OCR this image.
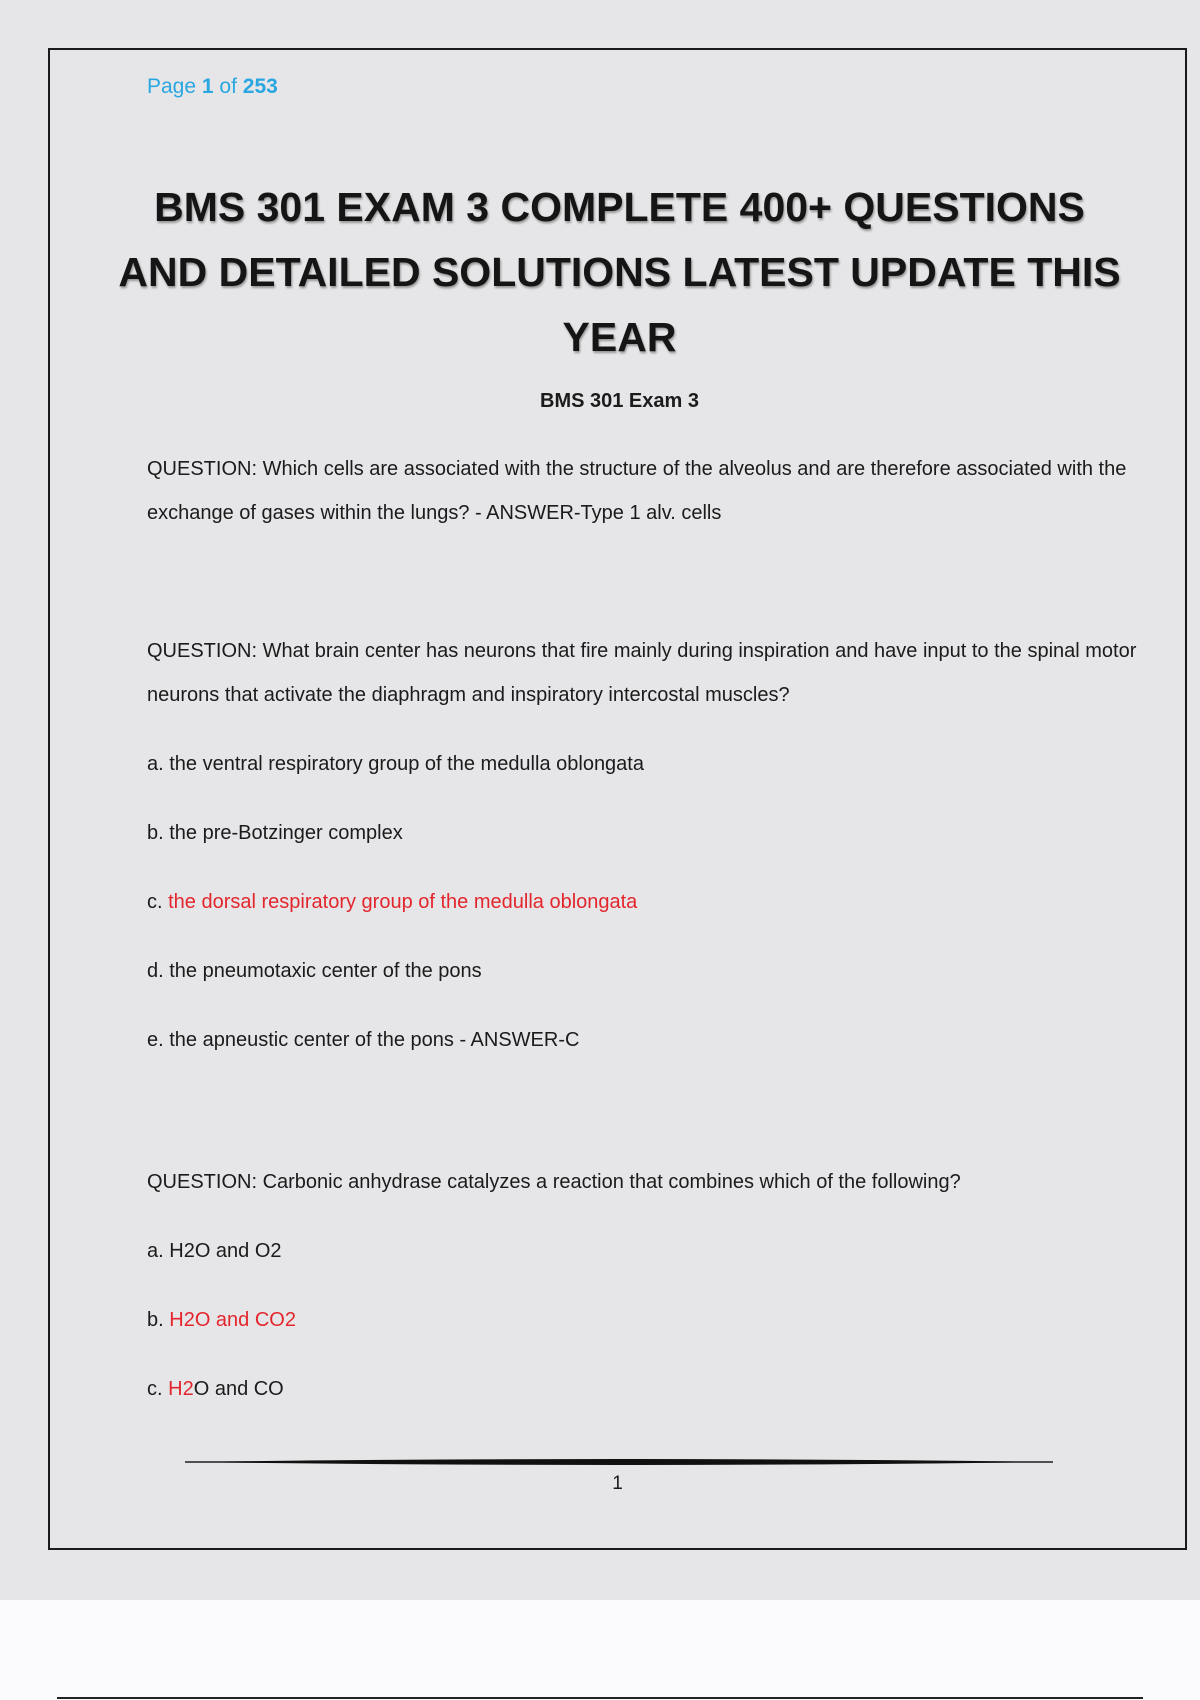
Page 1 of 253
BMS 301 EXAM 3 COMPLETE 400+ QUESTIONS AND DETAILED SOLUTIONS LATEST UPDATE THIS YEAR
BMS 301 Exam 3

QUESTION: Which cells are associated with the structure of the alveolus and are therefore associated with the exchange of gases within the lungs? - ANSWER-Type 1 alv. cells

QUESTION: What brain center has neurons that fire mainly during inspiration and have input to the spinal motor neurons that activate the diaphragm and inspiratory intercostal muscles?

a. the ventral respiratory group of the medulla oblongata

b. the pre-Botzinger complex

c. the dorsal respiratory group of the medulla oblongata

d. the pneumotaxic center of the pons

e. the apneustic center of the pons - ANSWER-C

QUESTION: Carbonic anhydrase catalyzes a reaction that combines which of the following?

a. H2O and O2

b. H2O and CO2

c. H2O and CO

1
